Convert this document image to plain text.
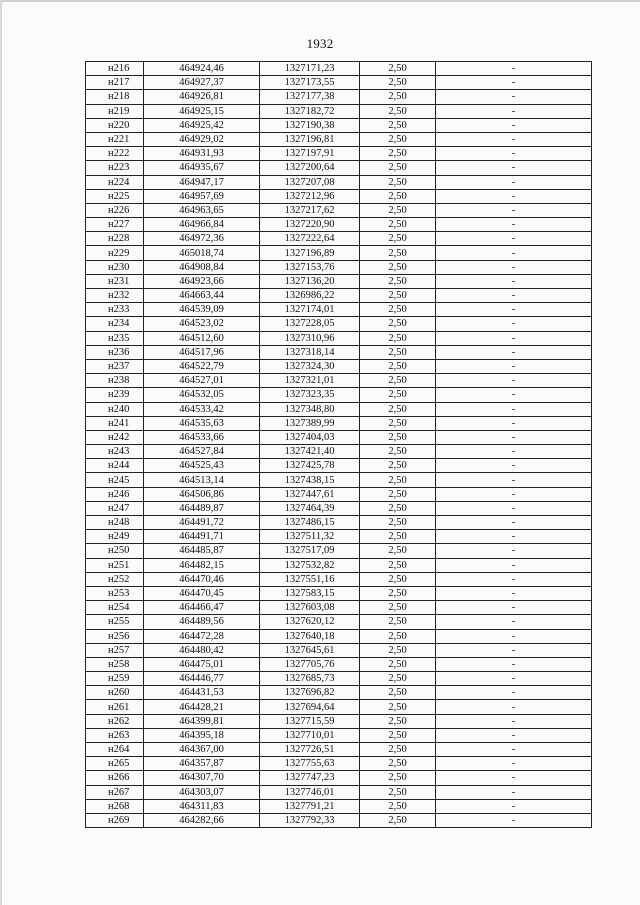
1932
н216	464924,46	1327171,23	2,50	-
н217	464927,37	1327173,55	2,50	-
н218	464926,81	1327177,38	2,50	-
н219	464925,15	1327182,72	2,50	-
н220	464925,42	1327190,38	2,50	-
н221	464929,02	1327196,81	2,50	-
н222	464931,93	1327197,91	2,50	-
н223	464935,67	1327200,64	2,50	-
н224	464947,17	1327207,08	2,50	-
н225	464957,69	1327212,96	2,50	-
н226	464963,65	1327217,62	2,50	-
н227	464966,84	1327220,90	2,50	-
н228	464972,36	1327222,64	2,50	-
н229	465018,74	1327196,89	2,50	-
н230	464908,84	1327153,76	2,50	-
н231	464923,66	1327136,20	2,50	-
н232	464663,44	1326986,22	2,50	-
н233	464539,09	1327174,01	2,50	-
н234	464523,02	1327228,05	2,50	-
н235	464512,60	1327310,96	2,50	-
н236	464517,96	1327318,14	2,50	-
н237	464522,79	1327324,30	2,50	-
н238	464527,01	1327321,01	2,50	-
н239	464532,05	1327323,35	2,50	-
н240	464533,42	1327348,80	2,50	-
н241	464535,63	1327389,99	2,50	-
н242	464533,66	1327404,03	2,50	-
н243	464527,84	1327421,40	2,50	-
н244	464525,43	1327425,78	2,50	-
н245	464513,14	1327438,15	2,50	-
н246	464506,86	1327447,61	2,50	-
н247	464489,87	1327464,39	2,50	-
н248	464491,72	1327486,15	2,50	-
н249	464491,71	1327511,32	2,50	-
н250	464485,87	1327517,09	2,50	-
н251	464482,15	1327532,82	2,50	-
н252	464470,46	1327551,16	2,50	-
н253	464470,45	1327583,15	2,50	-
н254	464466,47	1327603,08	2,50	-
н255	464489,56	1327620,12	2,50	-
н256	464472,28	1327640,18	2,50	-
н257	464480,42	1327645,61	2,50	-
н258	464475,01	1327705,76	2,50	-
н259	464446,77	1327685,73	2,50	-
н260	464431,53	1327696,82	2,50	-
н261	464428,21	1327694,64	2,50	-
н262	464399,81	1327715,59	2,50	-
н263	464395,18	1327710,01	2,50	-
н264	464367,00	1327726,51	2,50	-
н265	464357,87	1327755,63	2,50	-
н266	464307,70	1327747,23	2,50	-
н267	464303,07	1327746,01	2,50	-
н268	464311,83	1327791,21	2,50	-
н269	464282,66	1327792,33	2,50	-
